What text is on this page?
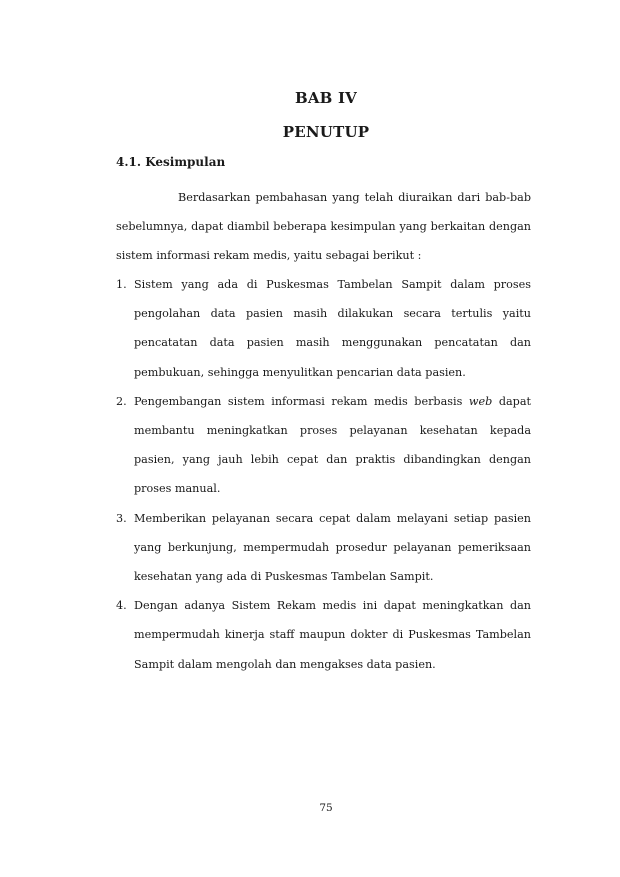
BAB IV
PENUTUP
4.1. Kesimpulan

Berdasarkan pembahasan yang telah diuraikan dari bab-bab sebelumnya, dapat diambil beberapa kesimpulan yang berkaitan dengan sistem informasi rekam medis, yaitu sebagai berikut :

1. Sistem yang ada di Puskesmas Tambelan Sampit dalam proses pengolahan data pasien masih dilakukan secara tertulis yaitu pencatatan data pasien masih menggunakan pencatatan dan pembukuan, sehingga menyulitkan pencarian data pasien.
2. Pengembangan sistem informasi rekam medis berbasis web dapat membantu meningkatkan proses pelayanan kesehatan kepada pasien, yang jauh lebih cepat dan praktis dibandingkan dengan proses manual.
3. Memberikan pelayanan secara cepat dalam melayani setiap pasien yang berkunjung, mempermudah prosedur pelayanan pemeriksaan kesehatan yang ada di Puskesmas Tambelan Sampit.
4. Dengan adanya Sistem Rekam medis ini dapat meningkatkan dan mempermudah kinerja staff maupun dokter di Puskesmas Tambelan Sampit dalam mengolah dan mengakses data pasien.
75
